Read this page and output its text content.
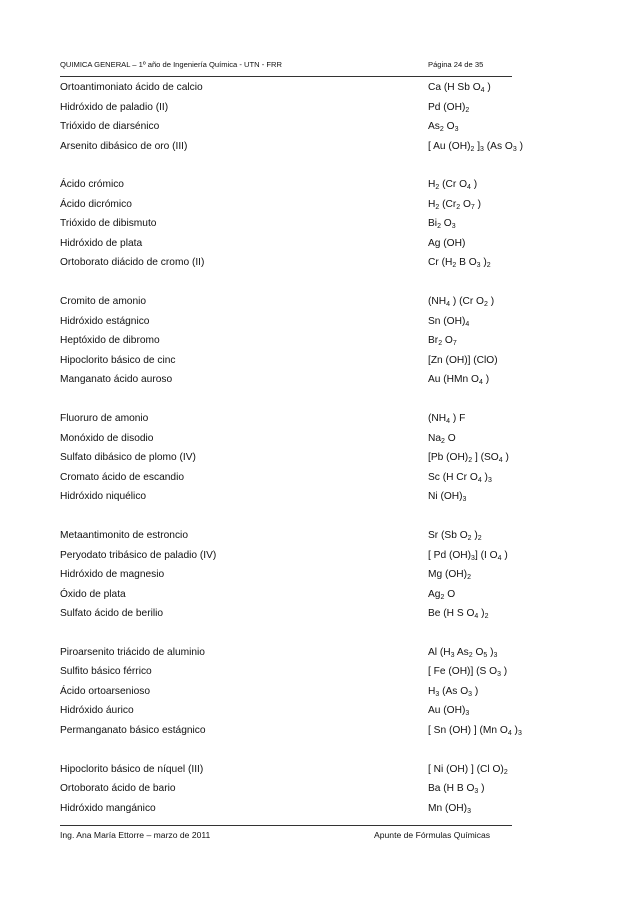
QUIMICA GENERAL – 1º año de Ingeniería Química - UTN - FRR	Página 24 de 35
Ortoantimoniato ácido de calcio	Ca (H Sb $O_4$ )
Hidróxido de paladio (II)	Pd $(OH)_2$
Trióxido de diarsénico	$As_2$ $O_3$
Arsenito dibásico de oro (III)	[ Au $(OH)_2$ ]$_3$ (As $O_3$ )
Ácido crómico	$H_2$ (Cr $O_4$ )
Ácido dicrómico	$H_2$ ($Cr_2$ $O_7$ )
Trióxido de dibismuto	$Bi_2$ $O_3$
Hidróxido de plata	Ag (OH)
Ortoborato diácido de cromo (II)	Cr ($H_2$ B $O_3$ )$_2$
Cromito de amonio	($NH_4$ ) (Cr $O_2$ )
Hidróxido estágnico	Sn $(OH)_4$
Heptóxido de dibromo	$Br_2$ $O_7$
Hipoclorito básico de cinc	[Zn (OH)] (ClO)
Manganato ácido auroso	Au (HMn $O_4$ )
Fluoruro de amonio	($NH_4$ ) F
Monóxido de disodio	$Na_2$ O
Sulfato dibásico de plomo (IV)	[Pb $(OH)_2$ ] ($SO_4$ )
Cromato ácido de escandio	Sc (H Cr $O_4$ )$_3$
Hidróxido niquélico	Ni $(OH)_3$
Metaantimonito de estroncio	Sr (Sb $O_2$ )$_2$
Peryodato tribásico de paladio (IV)	[ Pd $(OH)_3$] (I $O_4$ )
Hidróxido de magnesio	Mg $(OH)_2$
Óxido de plata	$Ag_2$ O
Sulfato ácido de berilio	Be (H S $O_4$ )$_2$
Piroarsenito triácido de aluminio	Al ($H_3$ $As_2$ $O_5$ )$_3$
Sulfito básico férrico	[ Fe (OH)] (S $O_3$ )
Ácido ortoarsenioso	$H_3$ (As $O_3$ )
Hidróxido áurico	Au $(OH)_3$
Permanganato básico estágnico	[ Sn (OH) ] (Mn $O_4$ )$_3$
Hipoclorito básico de níquel (III)	[ Ni (OH) ] (Cl $O)_2$
Ortoborato ácido de bario	Ba (H B $O_3$ )
Hidróxido mangánico	Mn $(OH)_3$
Ing. Ana María Ettorre – marzo de 2011	Apunte de Fórmulas Químicas
